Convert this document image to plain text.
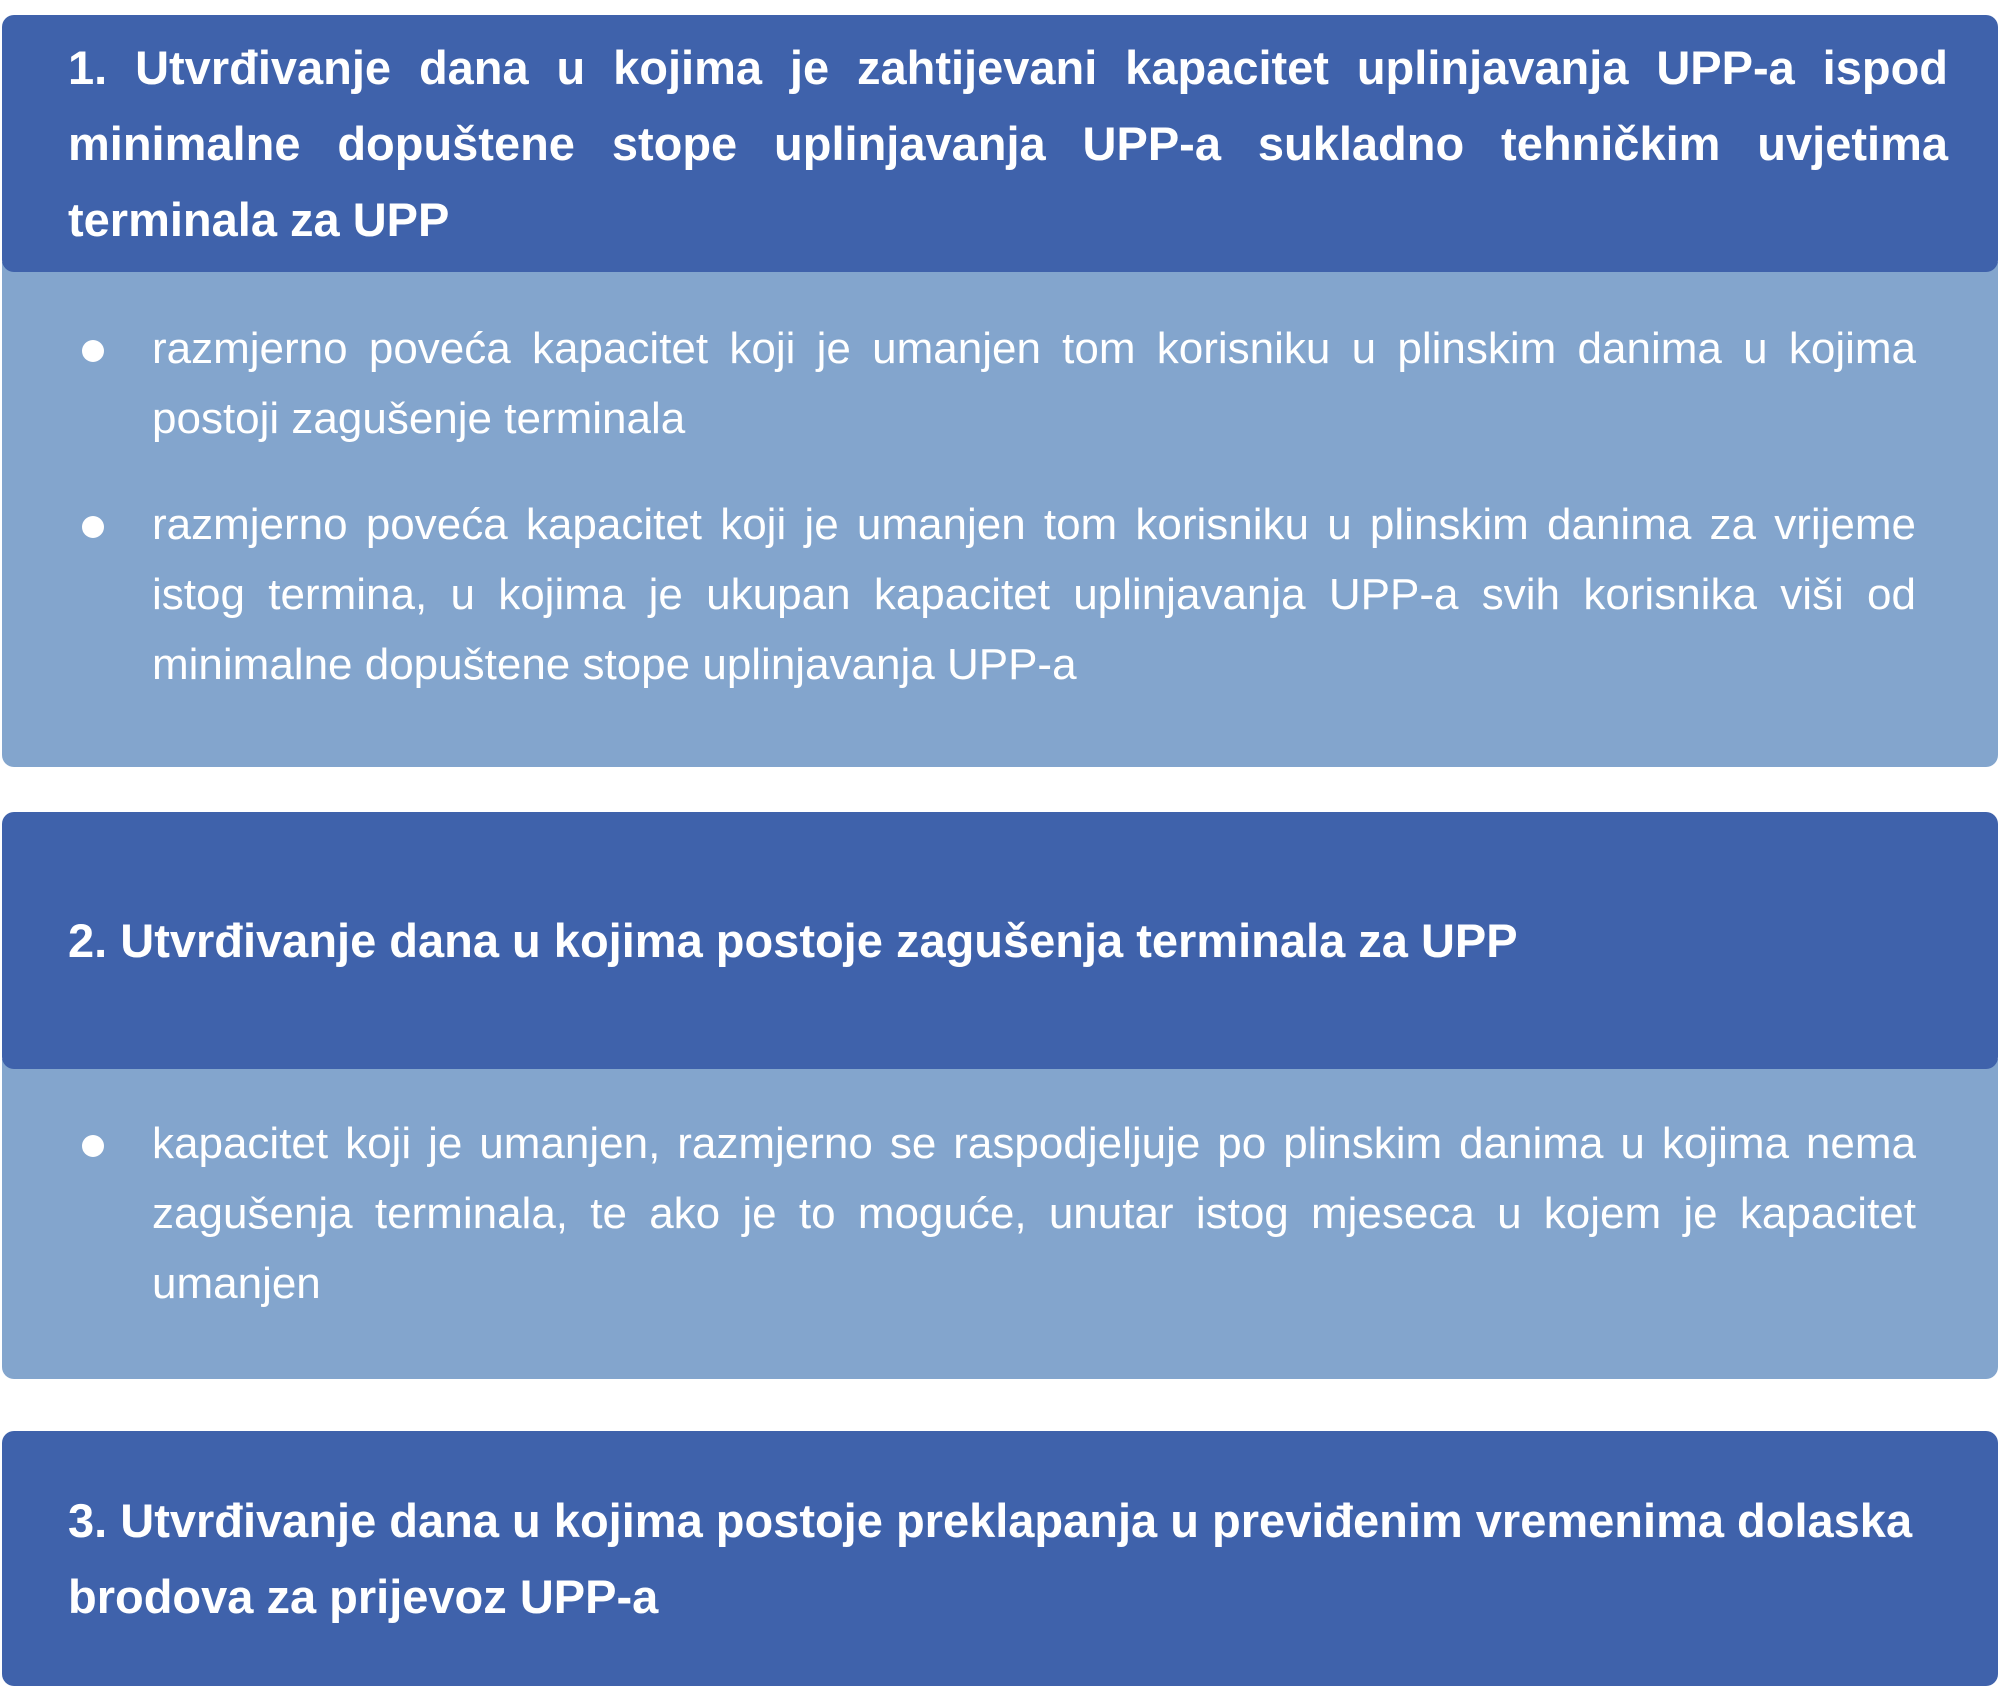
1. Utvrđivanje dana u kojima je zahtijevani kapacitet uplinjavanja UPP-a ispod minimalne dopuštene stope uplinjavanja UPP-a sukladno tehničkim uvjetima terminala za UPP
razmjerno poveća kapacitet koji je umanjen tom korisniku u plinskim danima u kojima postoji zagušenje terminala
razmjerno poveća kapacitet koji je umanjen tom korisniku u plinskim danima za vrijeme istog termina, u kojima je ukupan kapacitet uplinjavanja UPP-a svih korisnika viši od minimalne dopuštene stope uplinjavanja UPP-a
2. Utvrđivanje dana u kojima postoje zagušenja terminala za UPP
kapacitet koji je umanjen, razmjerno se raspodjeljuje po plinskim danima u kojima nema zagušenja terminala, te ako je to moguće, unutar istog mjeseca u kojem je kapacitet umanjen
3. Utvrđivanje dana u kojima postoje preklapanja u previđenim vremenima dolaska brodova za prijevoz UPP-a
